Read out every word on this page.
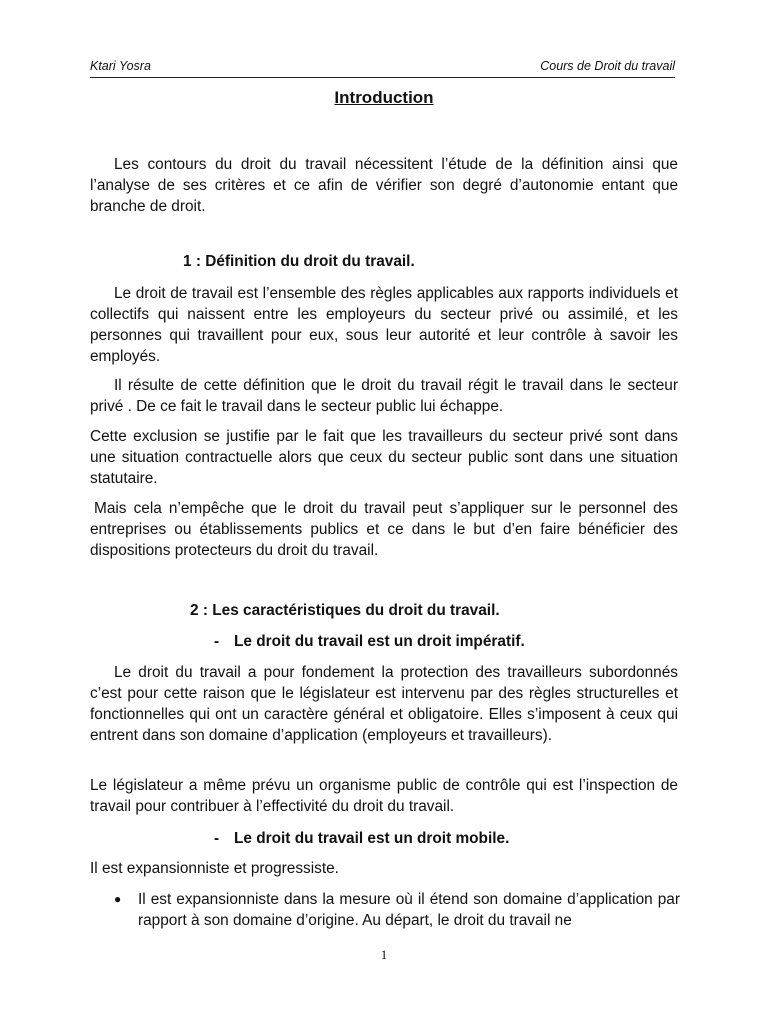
Ktari Yosra	Cours de Droit du travail
Introduction
Les contours du droit du travail nécessitent l’étude de la définition ainsi que l’analyse de ses critères et ce afin de vérifier son degré d’autonomie entant que branche de droit.
1 : Définition du droit du travail.
Le droit de travail est l’ensemble des règles applicables aux rapports individuels et collectifs qui naissent entre les employeurs du secteur privé ou assimilé, et les personnes qui travaillent pour eux, sous leur autorité et leur contrôle à savoir les employés.
Il résulte de cette définition que le droit du travail régit le travail dans le secteur privé . De ce fait le travail dans le secteur public lui échappe.
Cette exclusion se justifie par le fait que les travailleurs du secteur privé sont dans une situation contractuelle alors que ceux du secteur public sont dans une situation statutaire.
Mais cela n’empêche que le droit du travail peut s’appliquer sur le personnel des entreprises ou établissements publics et ce dans le but d’en faire bénéficier des dispositions protecteurs du droit du travail.
2 : Les caractéristiques du droit du travail.
- Le droit du travail est un droit impératif.
Le droit du travail a pour fondement la protection des travailleurs subordonnés c’est pour cette raison que le législateur est intervenu par des règles structurelles et fonctionnelles qui ont un caractère général et obligatoire. Elles s’imposent à ceux qui entrent dans son domaine d’application (employeurs et travailleurs).
Le législateur a même prévu un organisme public de contrôle qui est l’inspection de travail pour contribuer à l’effectivité du droit du travail.
- Le droit du travail est un droit mobile.
Il est expansionniste et progressiste.
● Il est expansionniste dans la mesure où il étend son domaine d’application par rapport à son domaine d’origine. Au départ, le droit du travail ne
1
